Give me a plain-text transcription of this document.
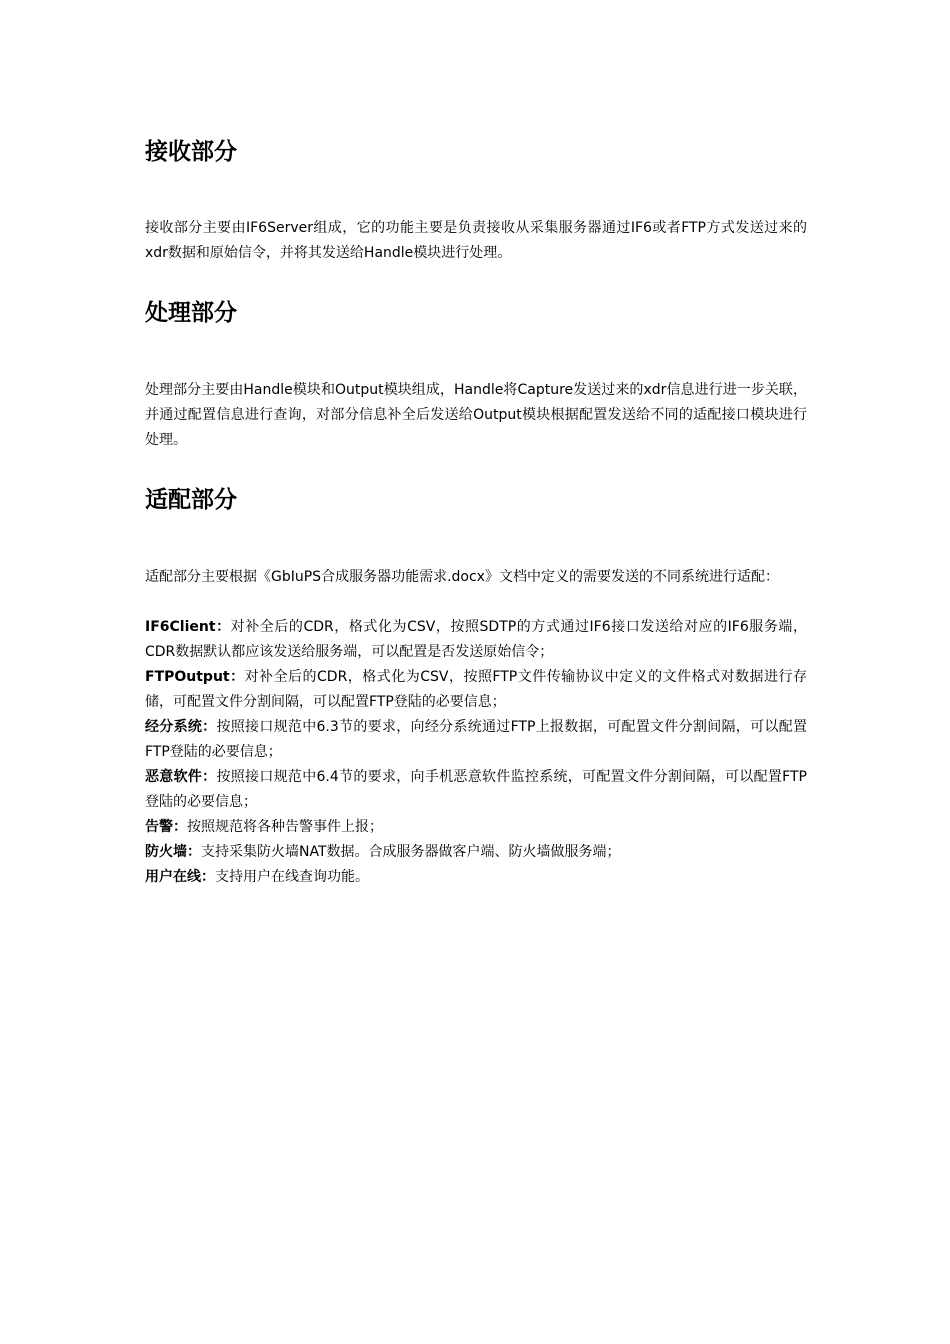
接收部分
接收部分主要由IF6Server组成，它的功能主要是负责接收从采集服务器通过IF6或者FTP方式发送过来的xdr数据和原始信令，并将其发送给Handle模块进行处理。
处理部分
处理部分主要由Handle模块和Output模块组成，Handle将Capture发送过来的xdr信息进行进一步关联，并通过配置信息进行查询，对部分信息补全后发送给Output模块根据配置发送给不同的适配接口模块进行处理。
适配部分
适配部分主要根据《GbIuPS合成服务器功能需求.docx》文档中定义的需要发送的不同系统进行适配：
IF6Client：对补全后的CDR，格式化为CSV，按照SDTP的方式通过IF6接口发送给对应的IF6服务端，CDR数据默认都应该发送给服务端，可以配置是否发送原始信令；
FTPOutput：对补全后的CDR，格式化为CSV，按照FTP文件传输协议中定义的文件格式对数据进行存储，可配置文件分割间隔，可以配置FTP登陆的必要信息；
经分系统：按照接口规范中6.3节的要求，向经分系统通过FTP上报数据，可配置文件分割间隔，可以配置FTP登陆的必要信息；
恶意软件：按照接口规范中6.4节的要求，向手机恶意软件监控系统，可配置文件分割间隔，可以配置FTP登陆的必要信息；
告警：按照规范将各种告警事件上报；
防火墙：支持采集防火墙NAT数据。合成服务器做客户端、防火墙做服务端；
用户在线：支持用户在线查询功能。
